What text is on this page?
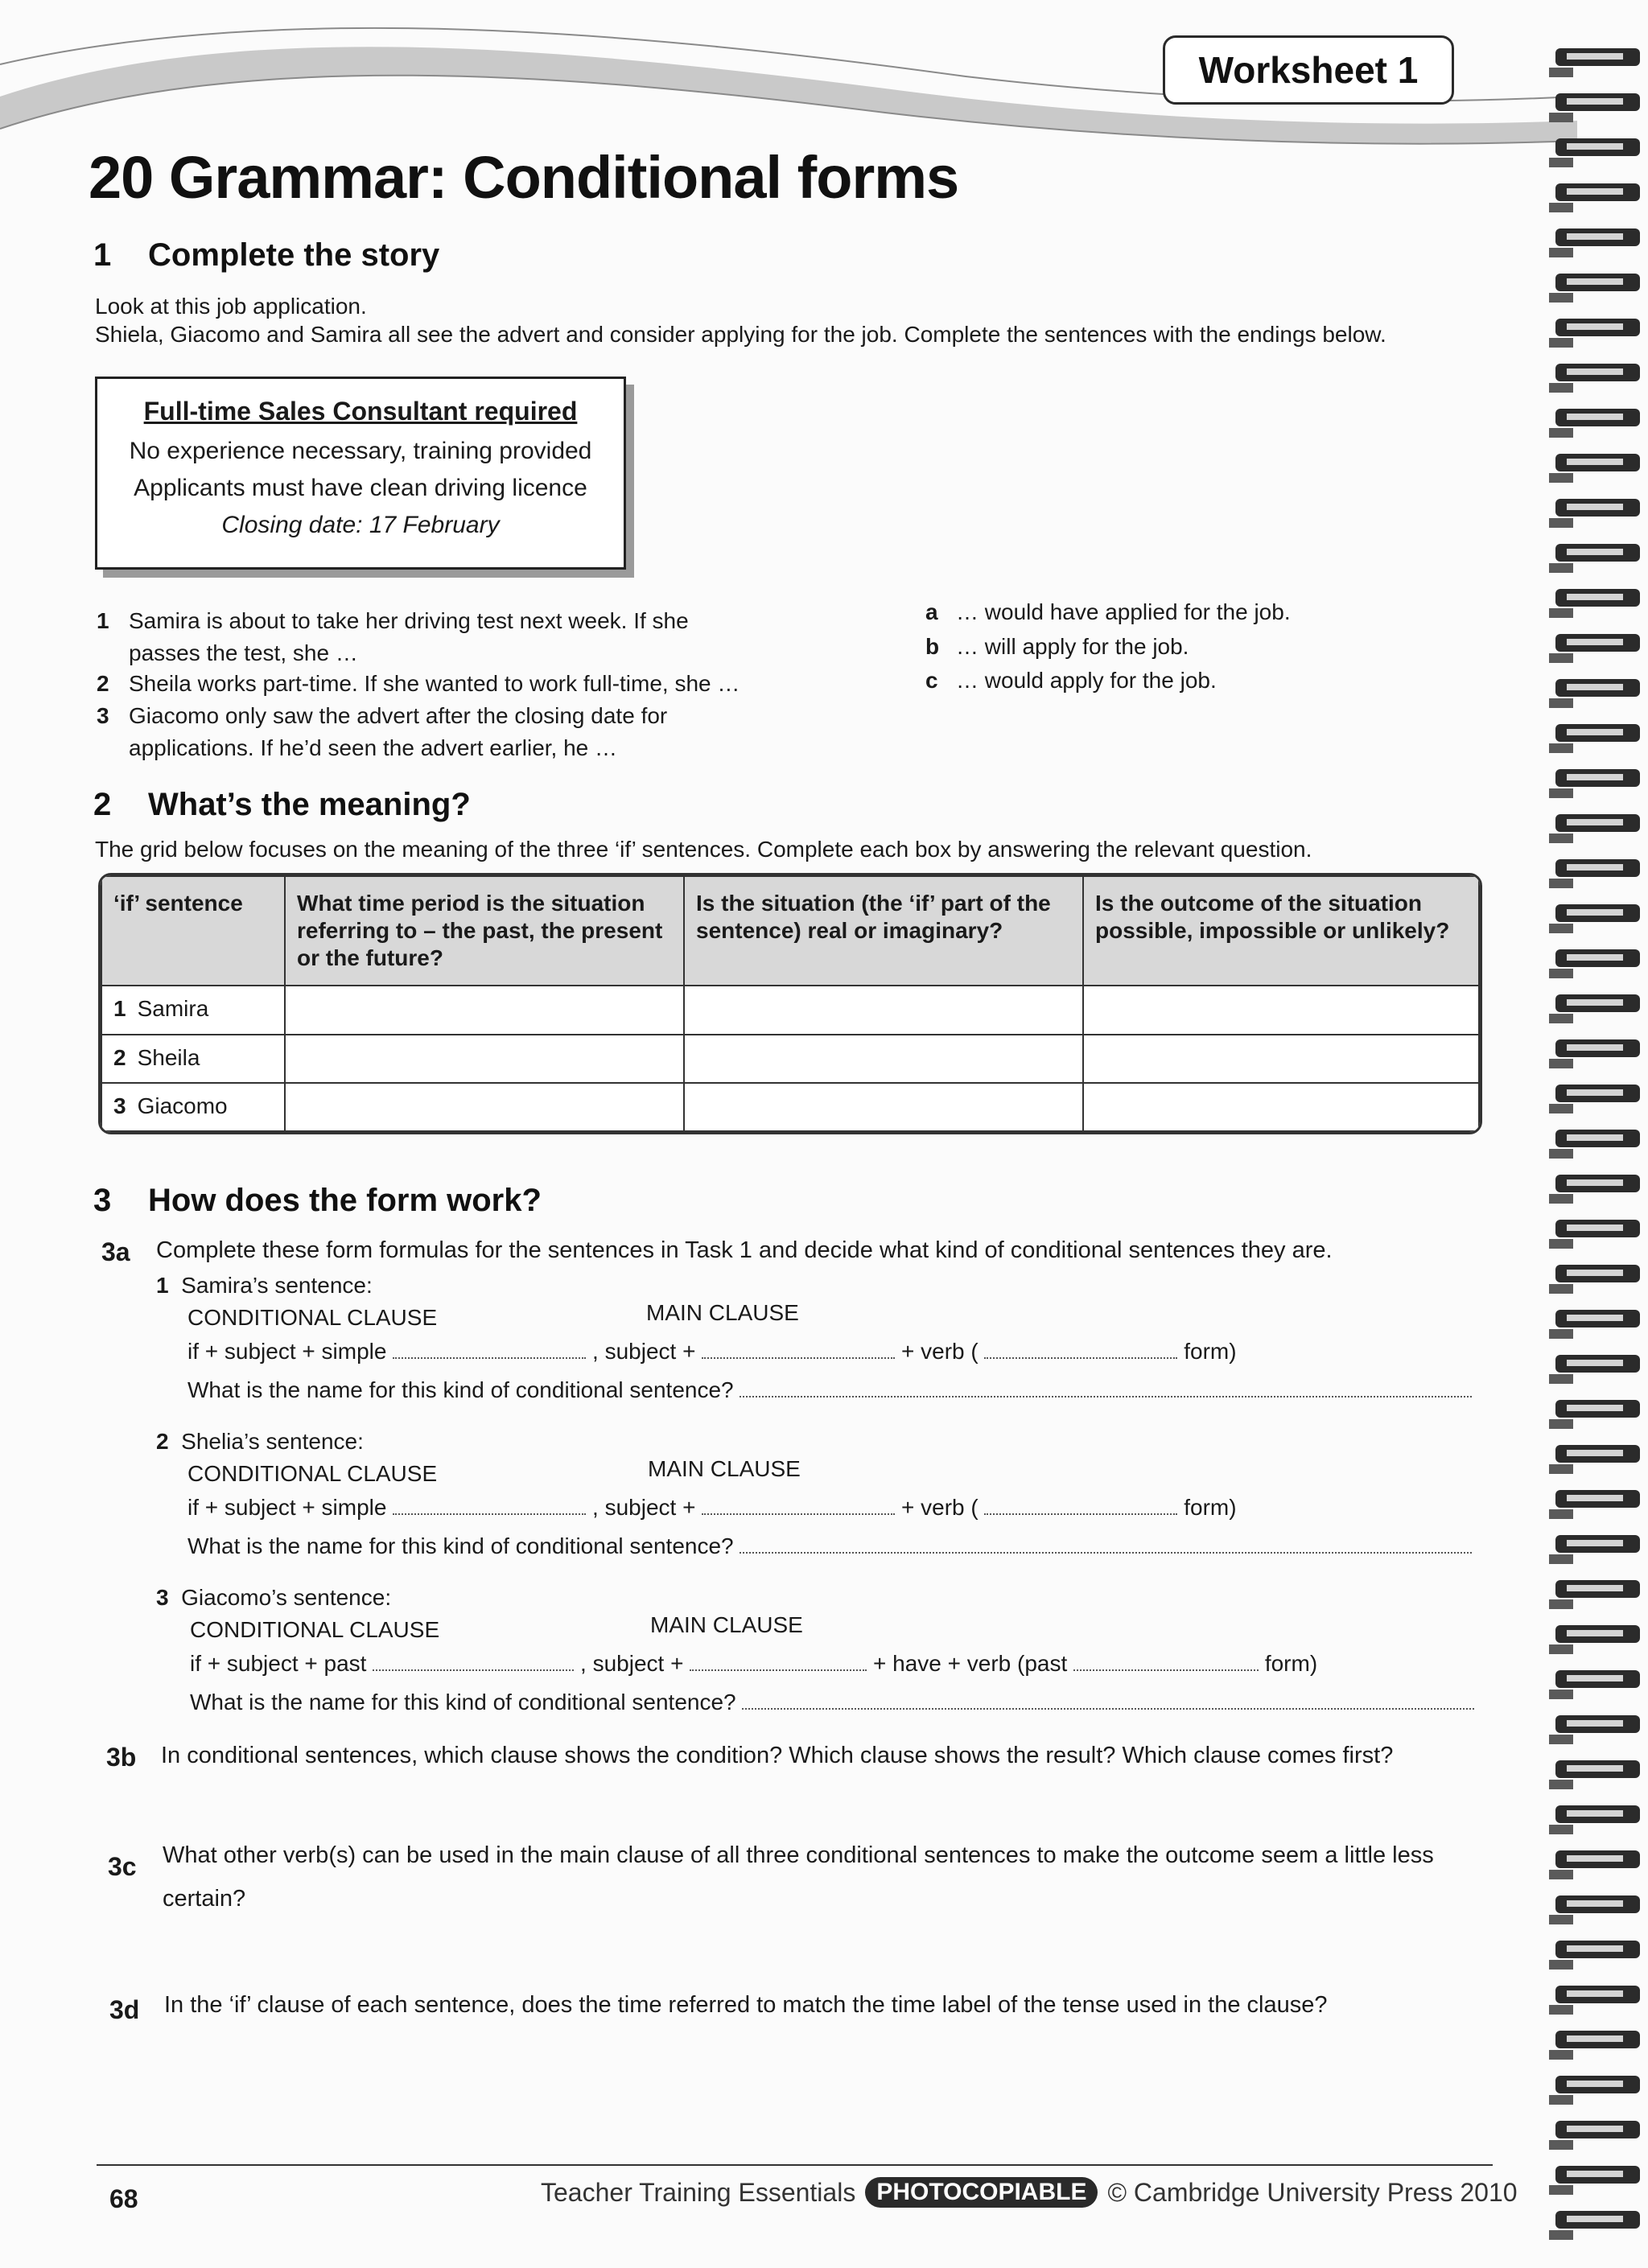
Worksheet 1
20 Grammar: Conditional forms
1 Complete the story
Look at this job application.
Shiela, Giacomo and Samira all see the advert and consider applying for the job. Complete the sentences with the endings below.
Full-time Sales Consultant required
No experience necessary, training provided
Applicants must have clean driving licence
Closing date: 17 February
1 Samira is about to take her driving test next week. If she
passes the test, she …
2 Sheila works part-time. If she wanted to work full-time, she …
3 Giacomo only saw the advert after the closing date for
applications. If he’d seen the advert earlier, he …
a … would have applied for the job.
b … will apply for the job.
c … would apply for the job.
2 What’s the meaning?
The grid below focuses on the meaning of the three ‘if’ sentences. Complete each box by answering the relevant question.
‘if’ sentence	What time period is the situation referring to – the past, the present or the future?	Is the situation (the ‘if’ part of the sentence) real or imaginary?	Is the outcome of the situation possible, impossible or unlikely?
1 Samira			
2 Sheila			
3 Giacomo			
3 How does the form work?
3a Complete these form formulas for the sentences in Task 1 and decide what kind of conditional sentences they are.
1 Samira’s sentence:
CONDITIONAL CLAUSE	MAIN CLAUSE
if + subject + simple	, subject +	+ verb (	form)
What is the name for this kind of conditional sentence?
2 Shelia’s sentence:
CONDITIONAL CLAUSE	MAIN CLAUSE
if + subject + simple	, subject +	+ verb (	form)
What is the name for this kind of conditional sentence?
3 Giacomo’s sentence:
CONDITIONAL CLAUSE	MAIN CLAUSE
if + subject + past	, subject +	+ have + verb (past	form)
What is the name for this kind of conditional sentence?
3b In conditional sentences, which clause shows the condition? Which clause shows the result? Which clause comes first?
3c What other verb(s) can be used in the main clause of all three conditional sentences to make the outcome seem a little less
certain?
3d In the ‘if’ clause of each sentence, does the time referred to match the time label of the tense used in the clause?
68	Teacher Training Essentials PHOTOCOPIABLE © Cambridge University Press 2010
